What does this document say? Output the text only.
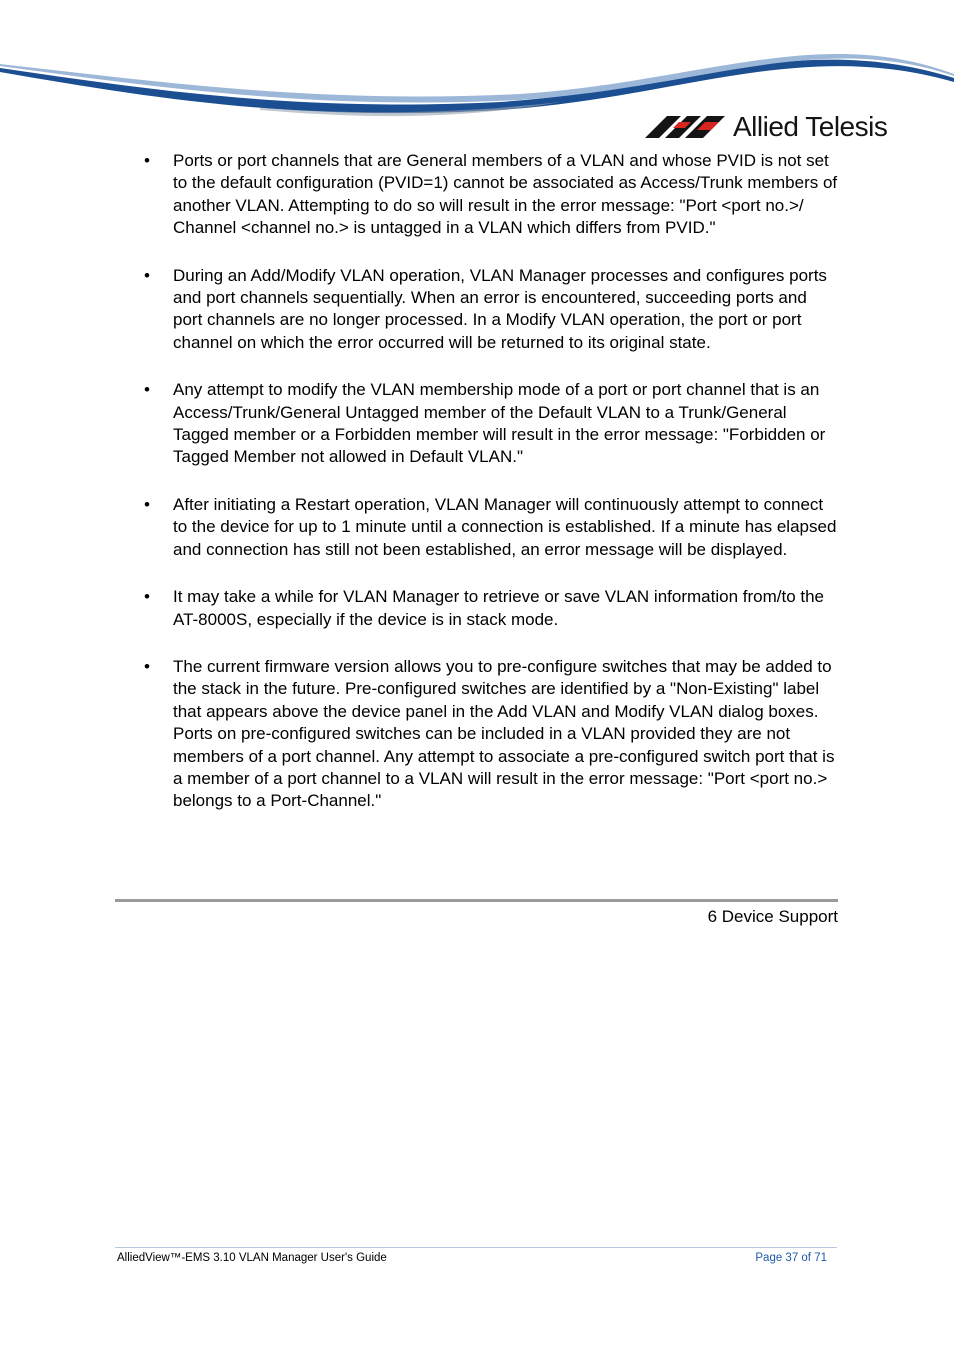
Allied Telesis
• Ports or port channels that are General members of a VLAN and whose PVID is not set to the default configuration (PVID=1) cannot be associated as Access/Trunk members of another VLAN. Attempting to do so will result in the error message: "Port <port no.>/ Channel <channel no.> is untagged in a VLAN which differs from PVID."
• During an Add/Modify VLAN operation, VLAN Manager processes and configures ports and port channels sequentially. When an error is encountered, succeeding ports and port channels are no longer processed. In a Modify VLAN operation, the port or port channel on which the error occurred will be returned to its original state.
• Any attempt to modify the VLAN membership mode of a port or port channel that is an Access/Trunk/General Untagged member of the Default VLAN to a Trunk/General Tagged member or a Forbidden member will result in the error message: "Forbidden or Tagged Member not allowed in Default VLAN."
• After initiating a Restart operation, VLAN Manager will continuously attempt to connect to the device for up to 1 minute until a connection is established. If a minute has elapsed and connection has still not been established, an error message will be displayed.
• It may take a while for VLAN Manager to retrieve or save VLAN information from/to the AT-8000S, especially if the device is in stack mode.
• The current firmware version allows you to pre-configure switches that may be added to the stack in the future. Pre-configured switches are identified by a "Non-Existing" label that appears above the device panel in the Add VLAN and Modify VLAN dialog boxes. Ports on pre-configured switches can be included in a VLAN provided they are not members of a port channel. Any attempt to associate a pre-configured switch port that is a member of a port channel to a VLAN will result in the error message: "Port <port no.> belongs to a Port-Channel."
6 Device Support
AlliedView™-EMS 3.10 VLAN Manager User's Guide	Page 37 of 71
